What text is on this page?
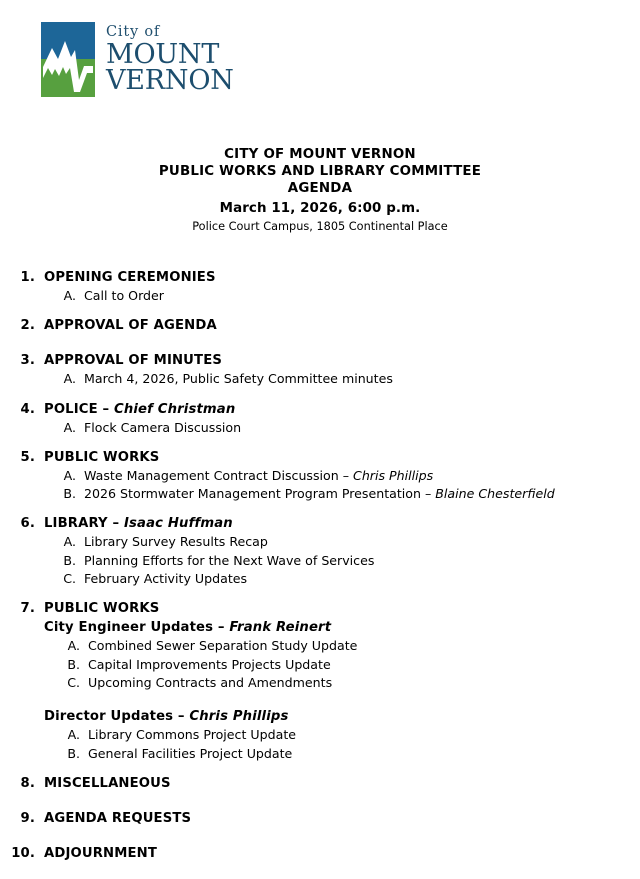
City of
MOUNT
VERNON
CITY OF MOUNT VERNON
PUBLIC WORKS AND LIBRARY COMMITTEE
AGENDA
March 11, 2026, 6:00 p.m.
Police Court Campus, 1805 Continental Place
1. OPENING CEREMONIES
A. Call to Order
2. APPROVAL OF AGENDA
3. APPROVAL OF MINUTES
A. March 4, 2026, Public Safety Committee minutes
4. POLICE – Chief Christman
A. Flock Camera Discussion
5. PUBLIC WORKS
A. Waste Management Contract Discussion – Chris Phillips
B. 2026 Stormwater Management Program Presentation – Blaine Chesterfield
6. LIBRARY – Isaac Huffman
A. Library Survey Results Recap
B. Planning Efforts for the Next Wave of Services
C. February Activity Updates
7. PUBLIC WORKS
City Engineer Updates – Frank Reinert
A. Combined Sewer Separation Study Update
B. Capital Improvements Projects Update
C. Upcoming Contracts and Amendments
Director Updates – Chris Phillips
A. Library Commons Project Update
B. General Facilities Project Update
8. MISCELLANEOUS
9. AGENDA REQUESTS
10. ADJOURNMENT
